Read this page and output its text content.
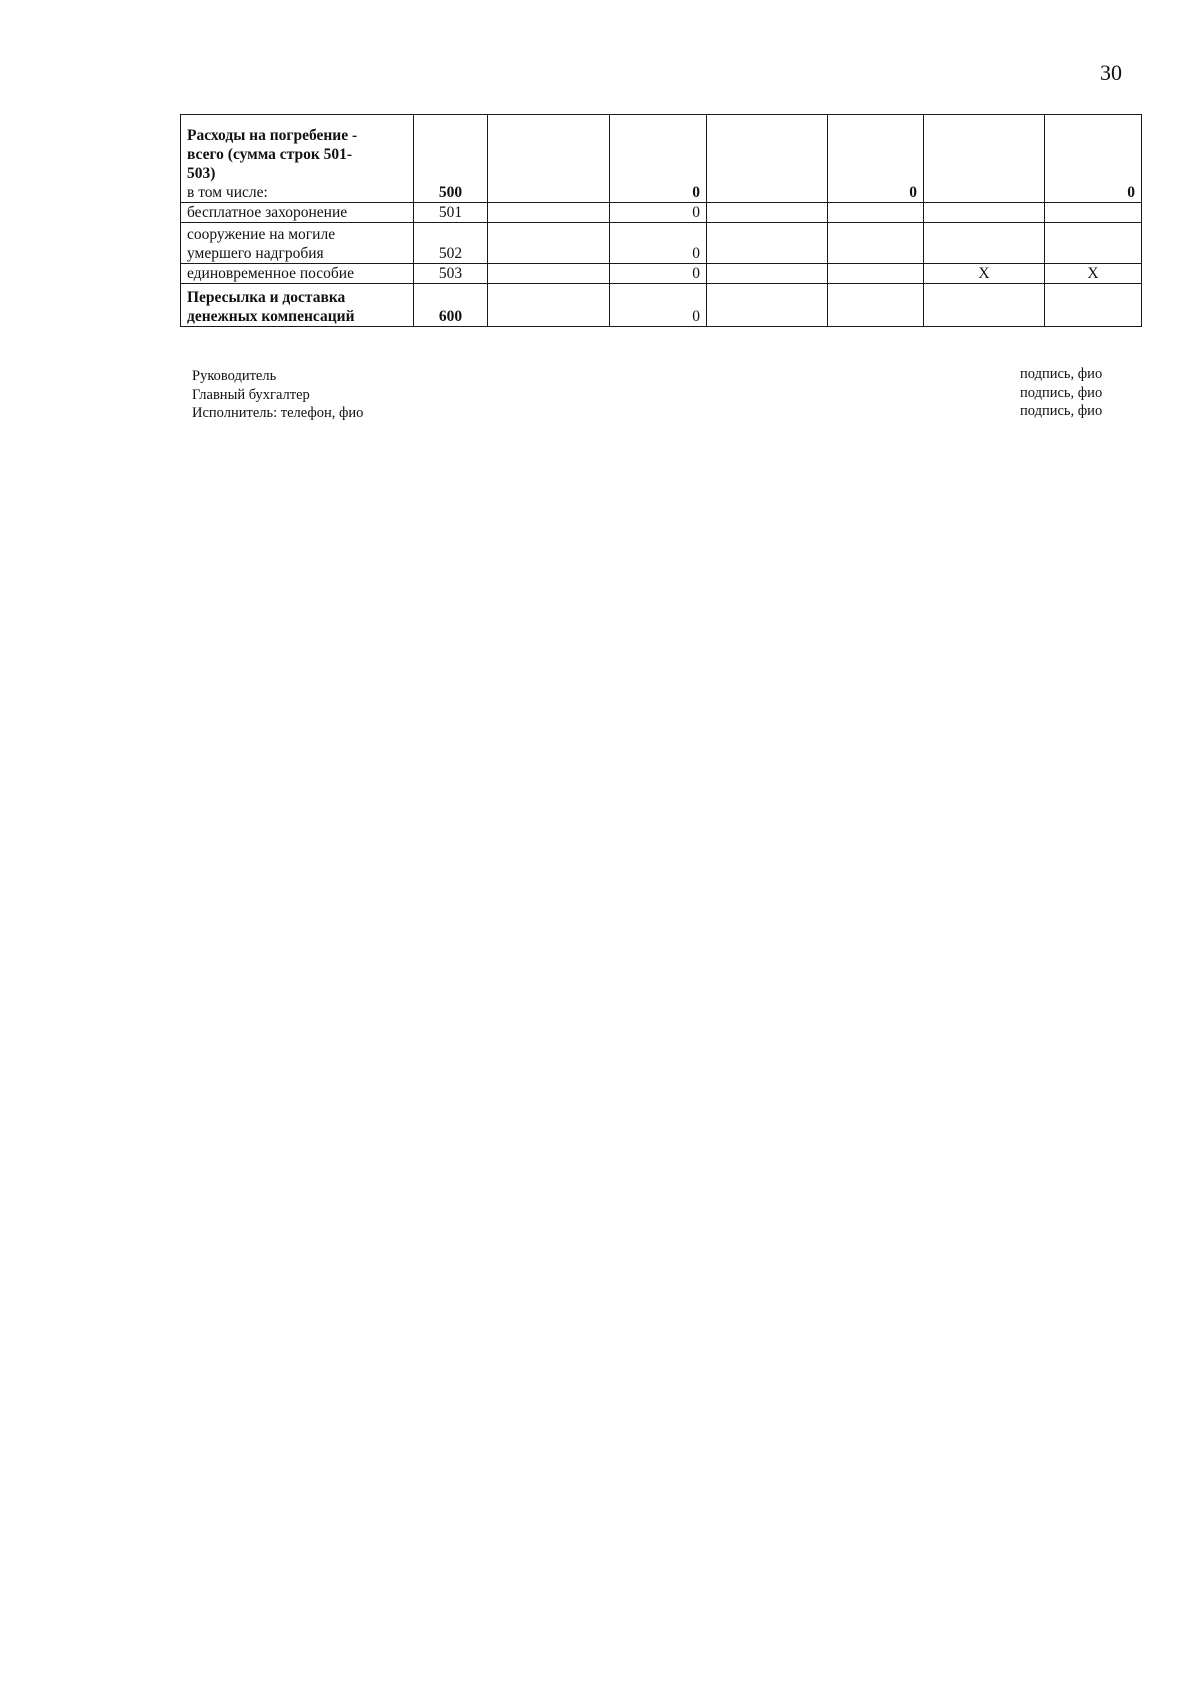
30
Расходы на погребение -
всего (сумма строк 501-
503)
в том числе:	500		0		0		0

бесплатное захоронение	501		0				

сооружение на могиле
умершего надгробия	502		0				

единовременное пособие	503		0			X	X

Пересылка и доставка
денежных компенсаций	600		0				
Руководитель
Главный бухгалтер
Исполнитель: телефон, фио
подпись, фио
подпись, фио
подпись, фио
